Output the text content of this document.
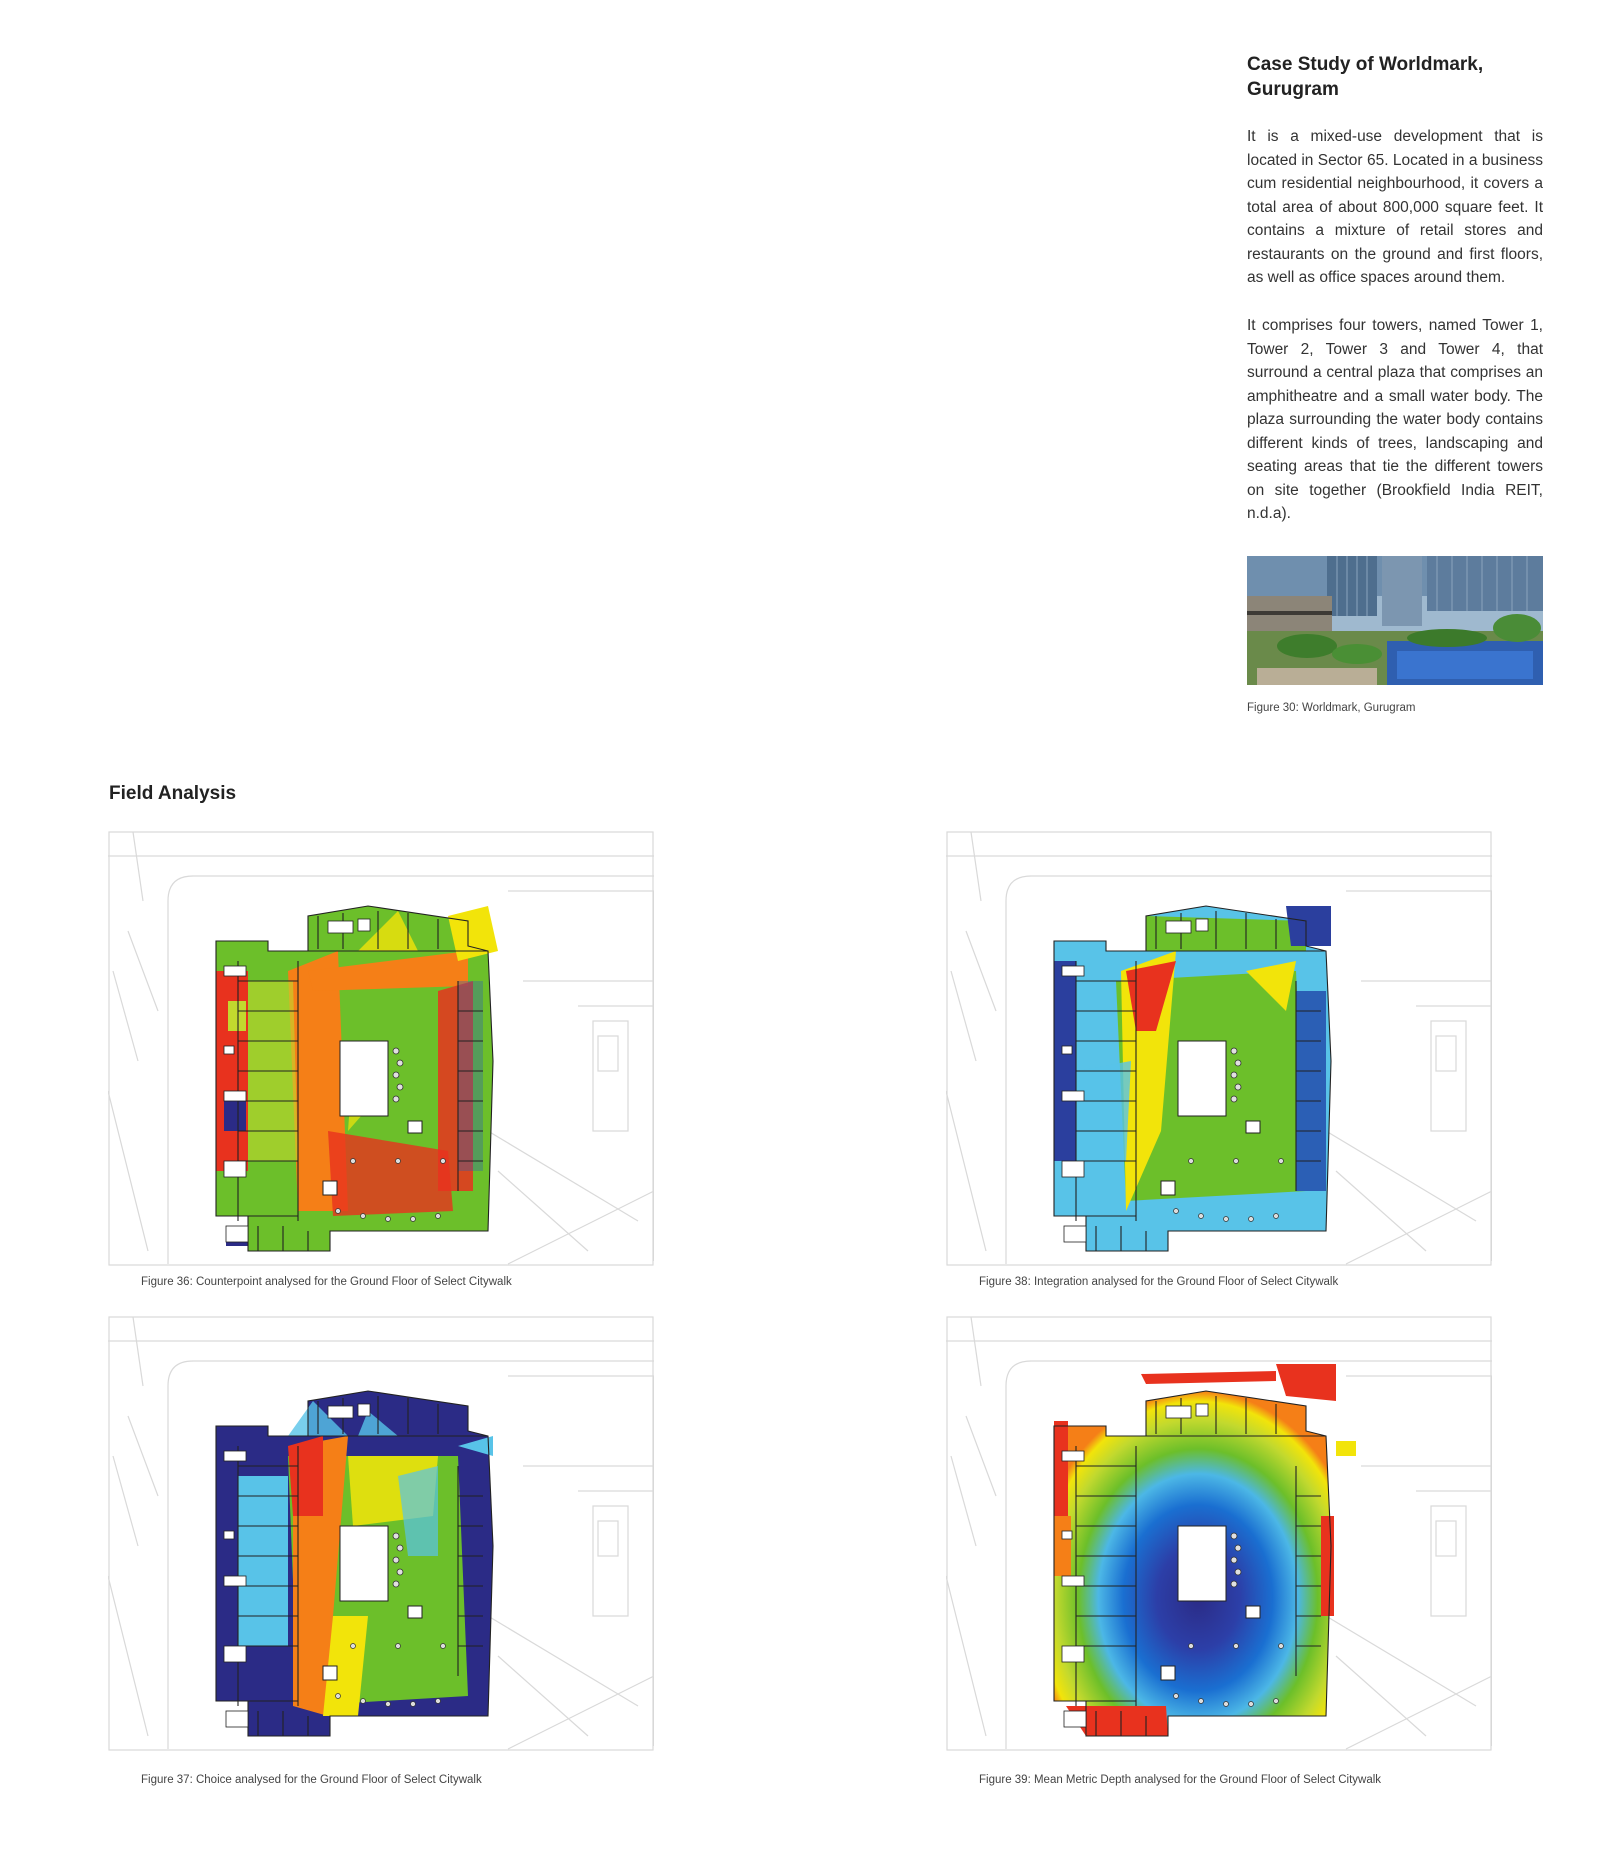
Case Study of Worldmark, Gurugram

It is a mixed-use development that is located in Sector 65. Located in a business cum residential neighbourhood, it covers a total area of about 800,000 square feet. It contains a mixture of retail stores and restaurants on the ground and first floors, as well as office spaces around them.

It comprises four towers, named Tower 1, Tower 2, Tower 3 and Tower 4, that surround a central plaza that comprises an amphitheatre and a small water body. The plaza surrounding the water body contains different kinds of trees, landscaping and seating areas that tie the different towers on site together (Brookfield India REIT, n.d.a).

Figure 30: Worldmark, Gurugram
Field Analysis
Figure 36: Counterpoint analysed for the Ground Floor of Select Citywalk	Figure 38: Integration analysed for the Ground Floor of Select Citywalk
Figure 37: Choice analysed for the Ground Floor of Select Citywalk	Figure 39: Mean Metric Depth analysed for the Ground Floor of Select Citywalk
